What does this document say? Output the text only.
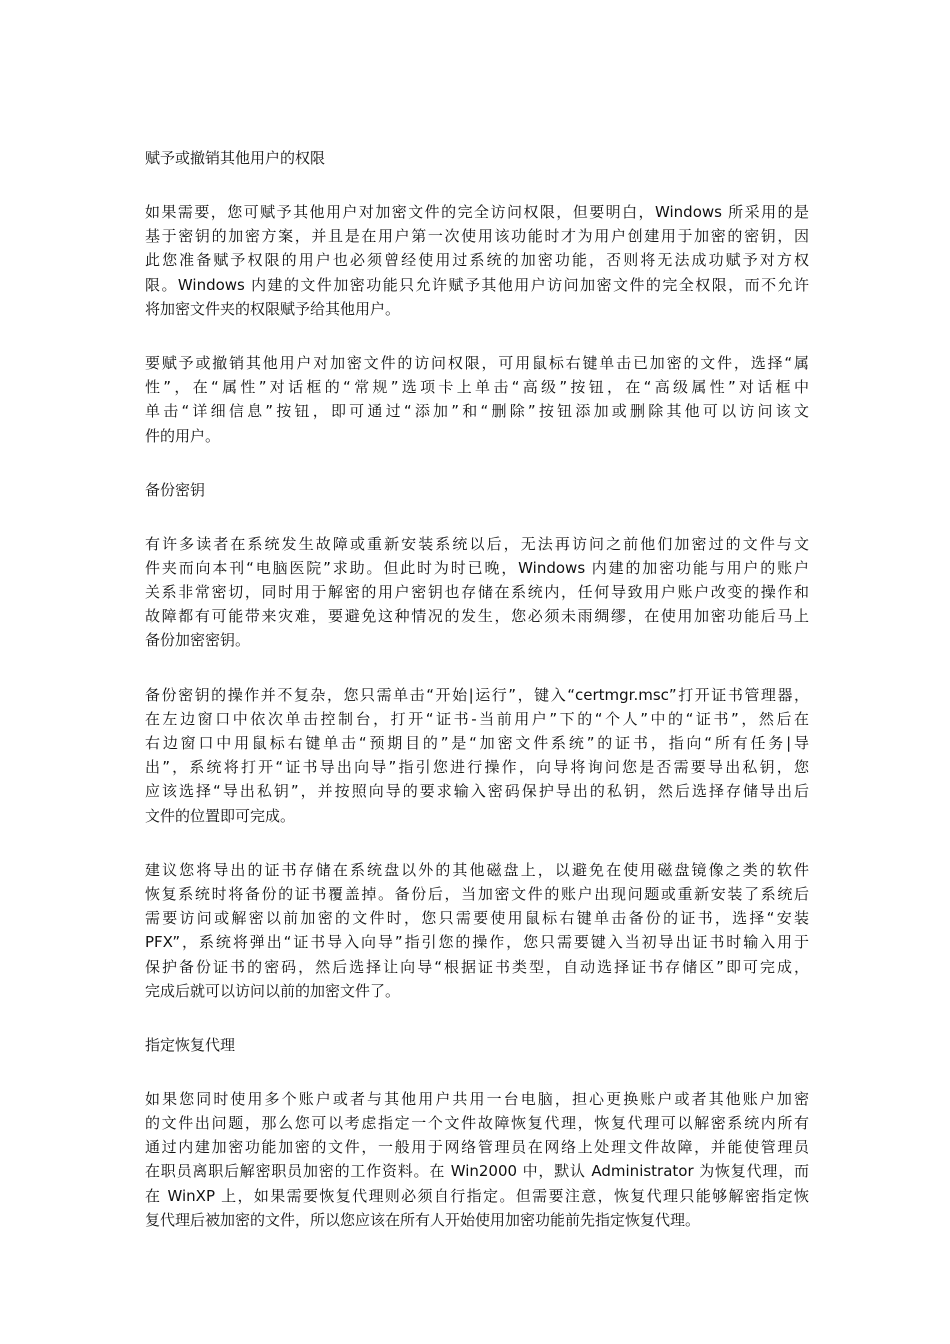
赋予或撤销其他用户的权限
如果需要，您可赋予其他用户对加密文件的完全访问权限，但要明白，Windows 所采用的是
基于密钥的加密方案，并且是在用户第一次使用该功能时才为用户创建用于加密的密钥，因
此您准备赋予权限的用户也必须曾经使用过系统的加密功能，否则将无法成功赋予对方权
限。Windows 内建的文件加密功能只允许赋予其他用户访问加密文件的完全权限，而不允许
将加密文件夹的权限赋予给其他用户。
要赋予或撤销其他用户对加密文件的访问权限，可用鼠标右键单击已加密的文件，选择“属
性”，在“属性”对话框的“常规”选项卡上单击“高级”按钮，在“高级属性”对话框中
单击“详细信息”按钮，即可通过“添加”和“删除”按钮添加或删除其他可以访问该文
件的用户。
备份密钥
有许多读者在系统发生故障或重新安装系统以后，无法再访问之前他们加密过的文件与文
件夹而向本刊“电脑医院”求助。但此时为时已晚，Windows 内建的加密功能与用户的账户
关系非常密切，同时用于解密的用户密钥也存储在系统内，任何导致用户账户改变的操作和
故障都有可能带来灾难，要避免这种情况的发生，您必须未雨绸缪，在使用加密功能后马上
备份加密密钥。
备份密钥的操作并不复杂，您只需单击“开始|运行”，键入“certmgr.msc”打开证书管理器，
在左边窗口中依次单击控制台，打开“证书-当前用户”下的“个人”中的“证书”，然后在
右边窗口中用鼠标右键单击“预期目的”是“加密文件系统”的证书，指向“所有任务|导
出”，系统将打开“证书导出向导”指引您进行操作，向导将询问您是否需要导出私钥，您
应该选择“导出私钥”，并按照向导的要求输入密码保护导出的私钥，然后选择存储导出后
文件的位置即可完成。
建议您将导出的证书存储在系统盘以外的其他磁盘上，以避免在使用磁盘镜像之类的软件
恢复系统时将备份的证书覆盖掉。备份后，当加密文件的账户出现问题或重新安装了系统后
需要访问或解密以前加密的文件时，您只需要使用鼠标右键单击备份的证书，选择“安装
PFX”，系统将弹出“证书导入向导”指引您的操作，您只需要键入当初导出证书时输入用于
保护备份证书的密码，然后选择让向导“根据证书类型，自动选择证书存储区”即可完成，
完成后就可以访问以前的加密文件了。
指定恢复代理
如果您同时使用多个账户或者与其他用户共用一台电脑，担心更换账户或者其他账户加密
的文件出问题，那么您可以考虑指定一个文件故障恢复代理，恢复代理可以解密系统内所有
通过内建加密功能加密的文件，一般用于网络管理员在网络上处理文件故障，并能使管理员
在职员离职后解密职员加密的工作资料。在 Win2000 中，默认 Administrator 为恢复代理，而
在 WinXP 上，如果需要恢复代理则必须自行指定。但需要注意，恢复代理只能够解密指定恢
复代理后被加密的文件，所以您应该在所有人开始使用加密功能前先指定恢复代理。
